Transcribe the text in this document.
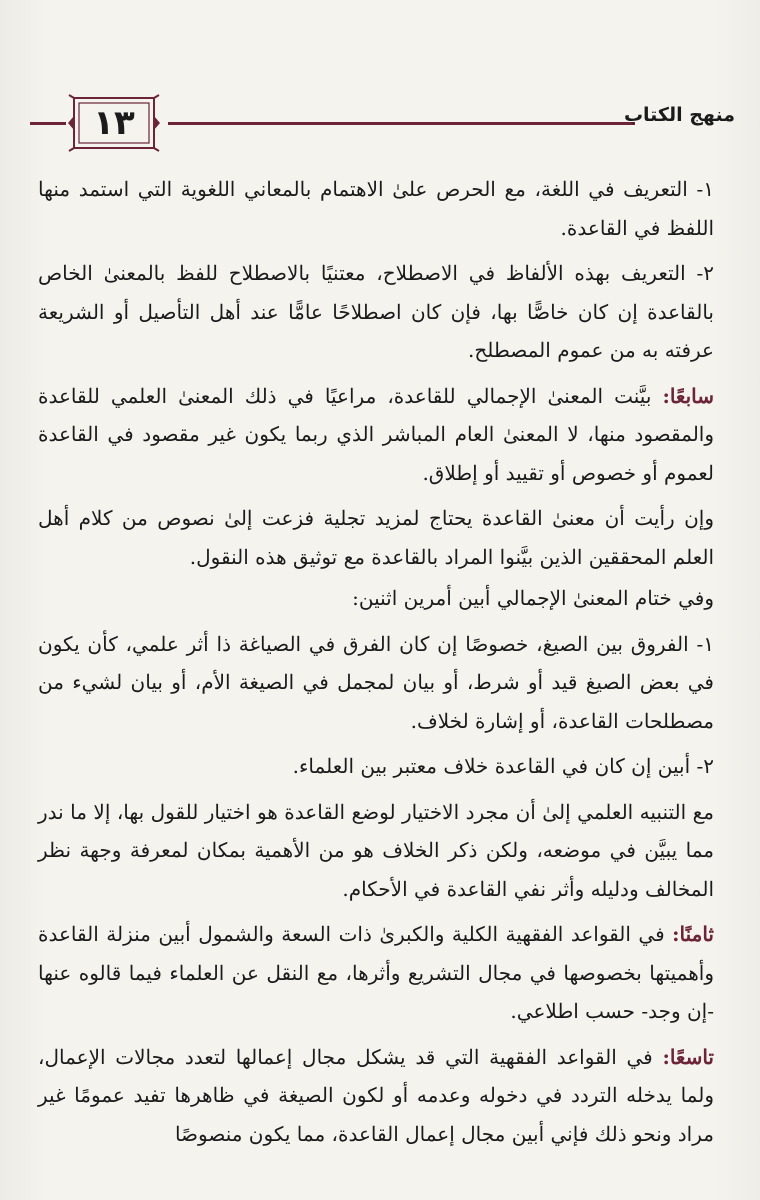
١٣	منهج الكتاب

١- التعريف في اللغة، مع الحرص علىٰ الاهتمام بالمعاني اللغوية التي استمد منها اللفظ في القاعدة.

٢- التعريف بهذه الألفاظ في الاصطلاح، معتنيًا بالاصطلاح للفظ بالمعنىٰ الخاص بالقاعدة إن كان خاصًّا بها، فإن كان اصطلاحًا عامًّا عند أهل التأصيل أو الشريعة عرفته به من عموم المصطلح.

سابعًا: بيَّنت المعنىٰ الإجمالي للقاعدة، مراعيًا في ذلك المعنىٰ العلمي للقاعدة والمقصود منها، لا المعنىٰ العام المباشر الذي ربما يكون غير مقصود في القاعدة لعموم أو خصوص أو تقييد أو إطلاق.

وإن رأيت أن معنىٰ القاعدة يحتاج لمزيد تجلية فزعت إلىٰ نصوص من كلام أهل العلم المحققين الذين بيَّنوا المراد بالقاعدة مع توثيق هذه النقول.

وفي ختام المعنىٰ الإجمالي أبين أمرين اثنين:

١- الفروق بين الصيغ، خصوصًا إن كان الفرق في الصياغة ذا أثر علمي، كأن يكون في بعض الصيغ قيد أو شرط، أو بيان لمجمل في الصيغة الأم، أو بيان لشيء من مصطلحات القاعدة، أو إشارة لخلاف.

٢- أبين إن كان في القاعدة خلاف معتبر بين العلماء.

مع التنبيه العلمي إلىٰ أن مجرد الاختيار لوضع القاعدة هو اختيار للقول بها، إلا ما ندر مما يبيَّن في موضعه، ولكن ذكر الخلاف هو من الأهمية بمكان لمعرفة وجهة نظر المخالف ودليله وأثر نفي القاعدة في الأحكام.

ثامنًا: في القواعد الفقهية الكلية والكبرىٰ ذات السعة والشمول أبين منزلة القاعدة وأهميتها بخصوصها في مجال التشريع وأثرها، مع النقل عن العلماء فيما قالوه عنها -إن وجد- حسب اطلاعي.

تاسعًا: في القواعد الفقهية التي قد يشكل مجال إعمالها لتعدد مجالات الإعمال، ولما يدخله التردد في دخوله وعدمه أو لكون الصيغة في ظاهرها تفيد عمومًا غير مراد ونحو ذلك فإني أبين مجال إعمال القاعدة، مما يكون منصوصًا
